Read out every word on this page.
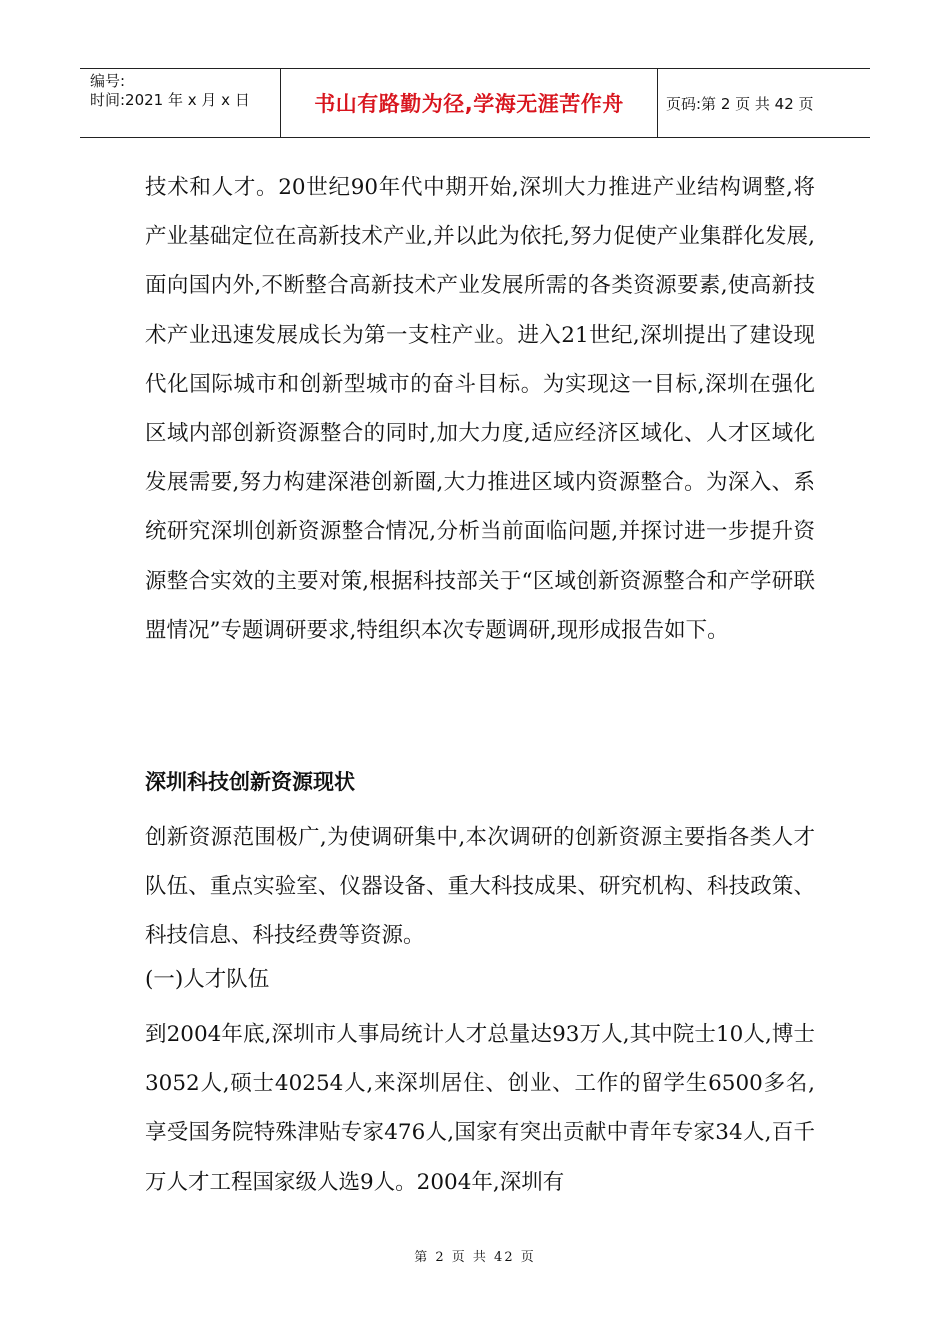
编号:
时间:2021 年 x 月 x 日	书山有路勤为径,学海无涯苦作舟	页码:第 2 页 共 42 页

技术和人才。20世纪90年代中期开始,深圳大力推进产业结构调整,将产业基础定位在高新技术产业,并以此为依托,努力促使产业集群化发展,面向国内外,不断整合高新技术产业发展所需的各类资源要素,使高新技术产业迅速发展成长为第一支柱产业。进入21世纪,深圳提出了建设现代化国际城市和创新型城市的奋斗目标。为实现这一目标,深圳在强化区域内部创新资源整合的同时,加大力度,适应经济区域化、人才区域化发展需要,努力构建深港创新圈,大力推进区域内资源整合。为深入、系统研究深圳创新资源整合情况,分析当前面临问题,并探讨进一步提升资源整合实效的主要对策,根据科技部关于“区域创新资源整合和产学研联盟情况”专题调研要求,特组织本次专题调研,现形成报告如下。

深圳科技创新资源现状

创新资源范围极广,为使调研集中,本次调研的创新资源主要指各类人才队伍、重点实验室、仪器设备、重大科技成果、研究机构、科技政策、科技信息、科技经费等资源。

(一)人才队伍

到2004年底,深圳市人事局统计人才总量达93万人,其中院士10人,博士3052人,硕士40254人,来深圳居住、创业、工作的留学生6500多名,享受国务院特殊津贴专家476人,国家有突出贡献中青年专家34人,百千万人才工程国家级人选9人。2004年,深圳有

第 2 页 共 42 页
